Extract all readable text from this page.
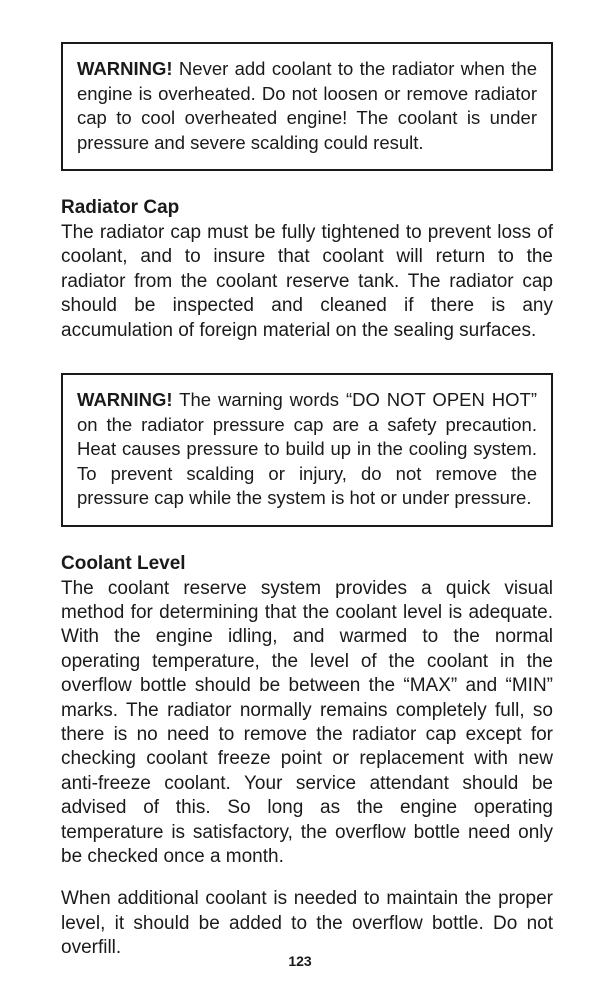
WARNING! Never add coolant to the radiator when the engine is overheated. Do not loosen or remove radiator cap to cool overheated engine! The coolant is under pressure and severe scalding could result.
Radiator Cap

The radiator cap must be fully tightened to prevent loss of coolant, and to insure that coolant will return to the radiator from the coolant reserve tank. The radiator cap should be inspected and cleaned if there is any accumulation of foreign material on the sealing surfaces.

WARNING! The warning words “DO NOT OPEN HOT” on the radiator pressure cap are a safety precaution. Heat causes pressure to build up in the cooling system. To prevent scalding or injury, do not remove the pressure cap while the system is hot or under pressure.
Coolant Level

The coolant reserve system provides a quick visual method for determining that the coolant level is adequate. With the engine idling, and warmed to the normal operating temperature, the level of the coolant in the overflow bottle should be between the “MAX” and “MIN” marks. The radiator normally remains completely full, so there is no need to remove the radiator cap except for checking coolant freeze point or replacement with new anti-freeze coolant. Your service attendant should be advised of this. So long as the engine operating temperature is satisfactory, the overflow bottle need only be checked once a month.

When additional coolant is needed to maintain the proper level, it should be added to the overflow bottle. Do not overfill.

123
